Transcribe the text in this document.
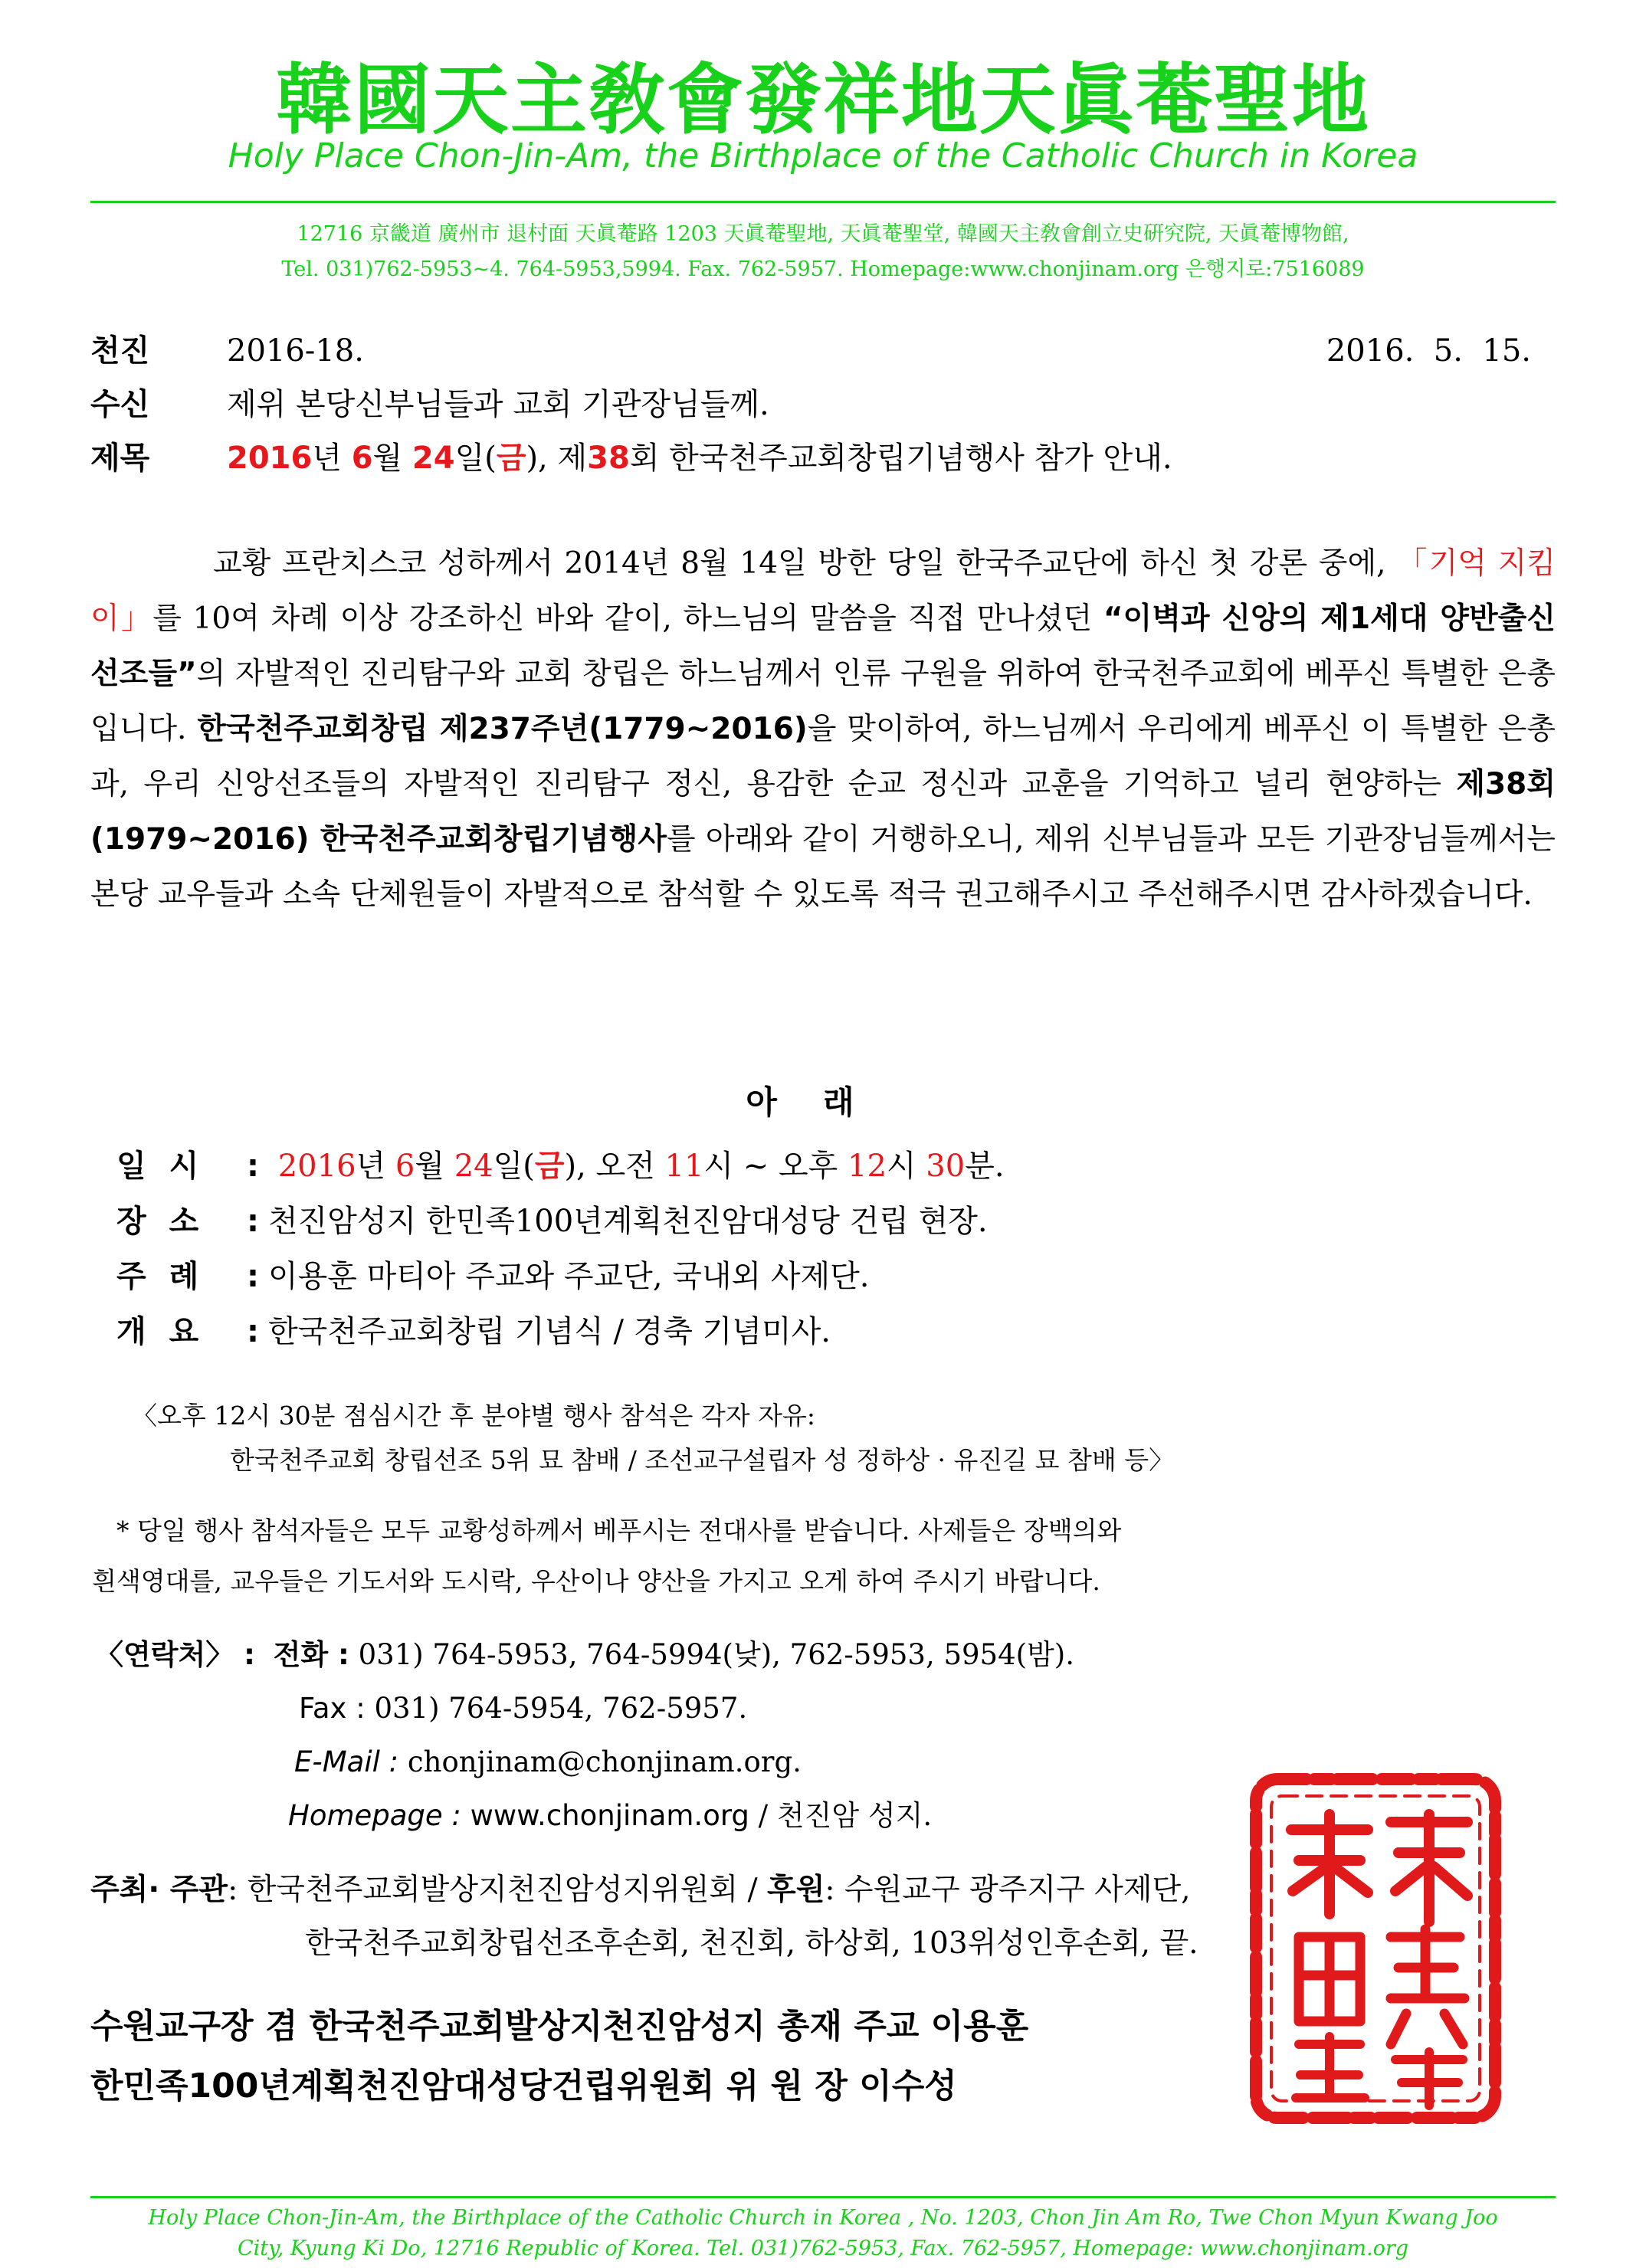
韓國天主敎會發祥地天眞菴聖地
Holy Place Chon-Jin-Am, the Birthplace of the Catholic Church in Korea
12716 京畿道 廣州市 退村面 天眞菴路 1203 天眞菴聖地, 天眞菴聖堂, 韓國天主敎會創立史硏究院, 天眞菴博物館,
Tel. 031)762-5953~4. 764-5953,5994. Fax. 762-5957. Homepage:www.chonjinam.org 은행지로:7516089
천진	2016-18.	2016.  5.  15.
수신	제위 본당신부님들과 교회 기관장님들께.
제목	2016년 6월 24일(금), 제38회 한국천주교회창립기념행사 참가 안내.

교황 프란치스코 성하께서 2014년 8월 14일 방한 당일 한국주교단에 하신 첫 강론 중에, 「기억 지킴이」를 10여 차례 이상 강조하신 바와 같이, 하느님의 말씀을 직접 만나셨던 “이벽과 신앙의 제1세대 양반출신 선조들”의 자발적인 진리탐구와 교회 창립은 하느님께서 인류 구원을 위하여 한국천주교회에 베푸신 특별한 은총입니다. 한국천주교회창립 제237주년(1779~2016)을 맞이하여, 하느님께서 우리에게 베푸신 이 특별한 은총과, 우리 신앙선조들의 자발적인 진리탐구 정신, 용감한 순교 정신과 교훈을 기억하고 널리 현양하는 제38회(1979~2016) 한국천주교회창립기념행사를 아래와 같이 거행하오니, 제위 신부님들과 모든 기관장님들께서는 본당 교우들과 소속 단체원들이 자발적으로 참석할 수 있도록 적극 권고해주시고 주선해주시면 감사하겠습니다.

아래
일 시 : 2016년 6월 24일(금), 오전 11시 ~ 오후 12시 30분.
장 소 : 천진암성지 한민족100년계획천진암대성당 건립 현장.
주 례 : 이용훈 마티아 주교와 주교단, 국내외 사제단.
개 요 : 한국천주교회창립 기념식 / 경축 기념미사.
〈오후 12시 30분 점심시간 후 분야별 행사 참석은 각자 자유:
한국천주교회 창립선조 5위 묘 참배 / 조선교구설립자 성 정하상 · 유진길 묘 참배 등〉
* 당일 행사 참석자들은 모두 교황성하께서 베푸시는 전대사를 받습니다. 사제들은 장백의와
흰색영대를, 교우들은 기도서와 도시락, 우산이나 양산을 가지고 오게 하여 주시기 바랍니다.
〈연락처〉 : 전화 : 031) 764-5953, 764-5994(낮), 762-5953, 5954(밤).
Fax : 031) 764-5954, 762-5957.
E-Mail : chonjinam@chonjinam.org.
Homepage : www.chonjinam.org / 천진암 성지.
주최· 주관: 한국천주교회발상지천진암성지위원회 / 후원: 수원교구 광주지구 사제단,
한국천주교회창립선조후손회, 천진회, 하상회, 103위성인후손회, 끝.
수원교구장 겸 한국천주교회발상지천진암성지 총재 주교 이용훈
한민족100년계획천진암대성당건립위원회 위 원 장 이수성
Holy Place Chon-Jin-Am, the Birthplace of the Catholic Church in Korea , No. 1203, Chon Jin Am Ro, Twe Chon Myun Kwang Joo
City, Kyung Ki Do, 12716 Republic of Korea. Tel. 031)762-5953, Fax. 762-5957, Homepage: www.chonjinam.org
